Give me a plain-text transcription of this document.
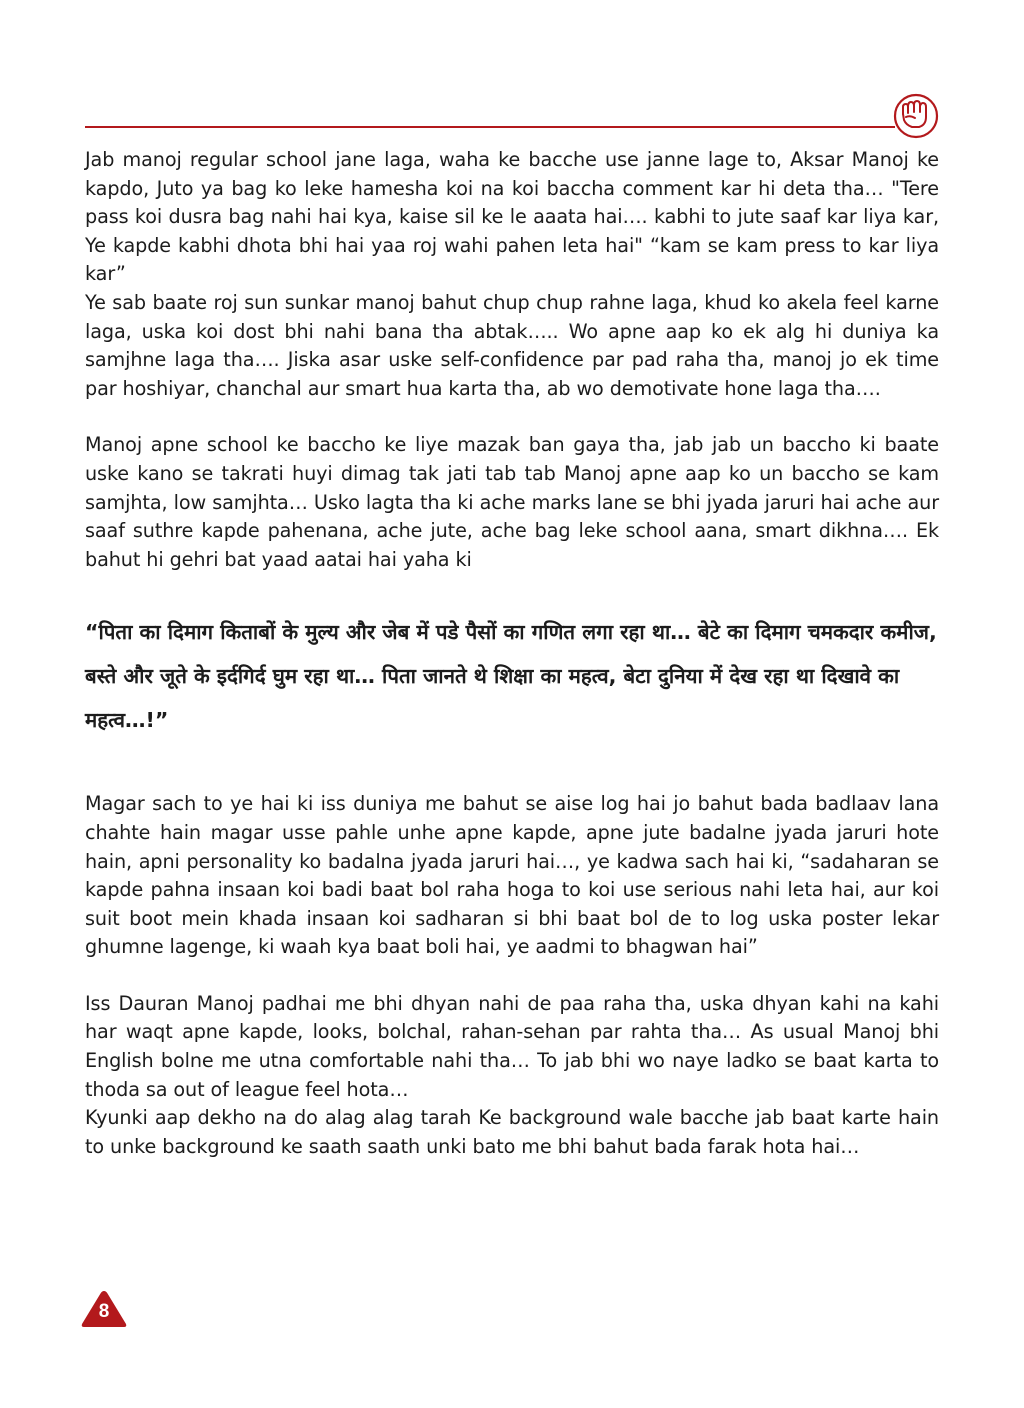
Jab manoj regular school jane laga, waha ke bacche use janne lage to, Aksar Manoj ke kapdo, Juto ya bag ko leke hamesha koi na koi baccha comment kar hi deta tha… "Tere pass koi dusra bag nahi hai kya, kaise sil ke le aaata hai…. kabhi to jute saaf kar liya kar, Ye kapde kabhi dhota bhi hai yaa roj wahi pahen leta hai" “kam se kam press to kar liya kar”

Ye sab baate roj sun sunkar manoj bahut chup chup rahne laga, khud ko akela feel karne laga, uska koi dost bhi nahi bana tha abtak….. Wo apne aap ko ek alg hi duniya ka samjhne laga tha…. Jiska asar uske self-confidence par pad raha tha, manoj jo ek time par hoshiyar, chanchal aur smart hua karta tha, ab wo demotivate hone laga tha….

Manoj apne school ke baccho ke liye mazak ban gaya tha, jab jab un baccho ki baate uske kano se takrati huyi dimag tak jati tab tab Manoj apne aap ko un baccho se kam samjhta, low samjhta… Usko lagta tha ki ache marks lane se bhi jyada jaruri hai ache aur saaf suthre kapde pahenana, ache jute, ache bag leke school aana, smart dikhna…. Ek bahut hi gehri bat yaad aatai hai yaha ki

“पिता का दिमाग किताबों के मुल्य और जेब में पडे पैसों का गणित लगा रहा था… बेटे का दिमाग चमकदार कमीज, बस्ते और जूते के इर्दगिर्द घुम रहा था… पिता जानते थे शिक्षा का महत्व, बेटा दुनिया में देख रहा था दिखावे का महत्व…!”

Magar sach to ye hai ki iss duniya me bahut se aise log hai jo bahut bada badlaav lana chahte hain magar usse pahle unhe apne kapde, apne jute badalne jyada jaruri hote hain, apni personality ko badalna jyada jaruri hai…, ye kadwa sach hai ki, “sadaharan se kapde pahna insaan koi badi baat bol raha hoga to koi use serious nahi leta hai, aur koi suit boot mein khada insaan koi sadharan si bhi baat bol de to log uska poster lekar ghumne lagenge, ki waah kya baat boli hai, ye aadmi to bhagwan hai”

Iss Dauran Manoj padhai me bhi dhyan nahi de paa raha tha, uska dhyan kahi na kahi har waqt apne kapde, looks, bolchal, rahan-sehan par rahta tha… As usual Manoj bhi English bolne me utna comfortable nahi tha… To jab bhi wo naye ladko se baat karta to thoda sa out of league feel hota…

Kyunki aap dekho na do alag alag tarah Ke background wale bacche jab baat karte hain to unke background ke saath saath unki bato me bhi bahut bada farak hota hai…

8
